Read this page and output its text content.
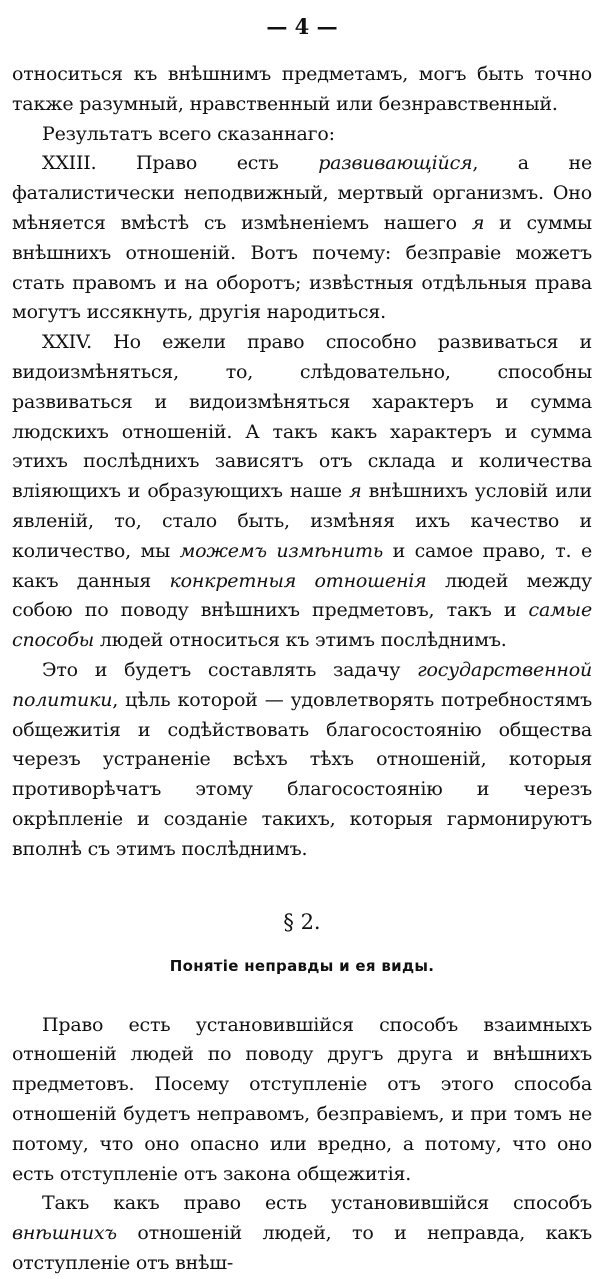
— 4 —

относиться къ внѣшнимъ предметамъ, могъ быть точно также разумный, нравственный или безнравственный.

Результатъ всего сказаннаго:

XXIII. Право есть развивающійся, а не фаталистически неподвижный, мертвый организмъ. Оно мѣняется вмѣстѣ съ измѣненіемъ нашего я и суммы внѣшнихъ отношеній. Вотъ почему: безправіе можетъ стать правомъ и на оборотъ; извѣстныя отдѣльныя права могутъ иссякнуть, другія народиться.

XXIV. Но ежели право способно развиваться и видоизмѣняться, то, слѣдовательно, способны развиваться и видоизмѣняться характеръ и сумма людскихъ отношеній. А такъ какъ характеръ и сумма этихъ послѣднихъ зависятъ отъ склада и количества вліяющихъ и образующихъ наше я внѣшнихъ условій или явленій, то, стало быть, измѣняя ихъ качество и количество, мы можемъ измѣнить и самое право, т. е какъ данныя конкретныя отношенія людей между собою по поводу внѣшнихъ предметовъ, такъ и самые способы людей относиться къ этимъ послѣднимъ.

Это и будетъ составлять задачу государственной политики, цѣль которой — удовлетворять потребностямъ общежитія и содѣйствовать благосостоянію общества черезъ устраненіе всѣхъ тѣхъ отношеній, которыя противорѣчатъ этому благосостоянію и черезъ окрѣпленіе и созданіе такихъ, которыя гармонируютъ вполнѣ съ этимъ послѣднимъ.

§ 2.
Понятіе неправды и ея виды.

Право есть установившійся способъ взаимныхъ отношеній людей по поводу другъ друга и внѣшнихъ предметовъ. Посему отступленіе отъ этого способа отношеній будетъ неправомъ, безправіемъ, и при томъ не потому, что оно опасно или вредно, а потому, что оно есть отступленіе отъ закона общежитія.

Такъ какъ право есть установившійся способъ внѣшнихъ отношеній людей, то и неправда, какъ отступленіе отъ внѣш-
